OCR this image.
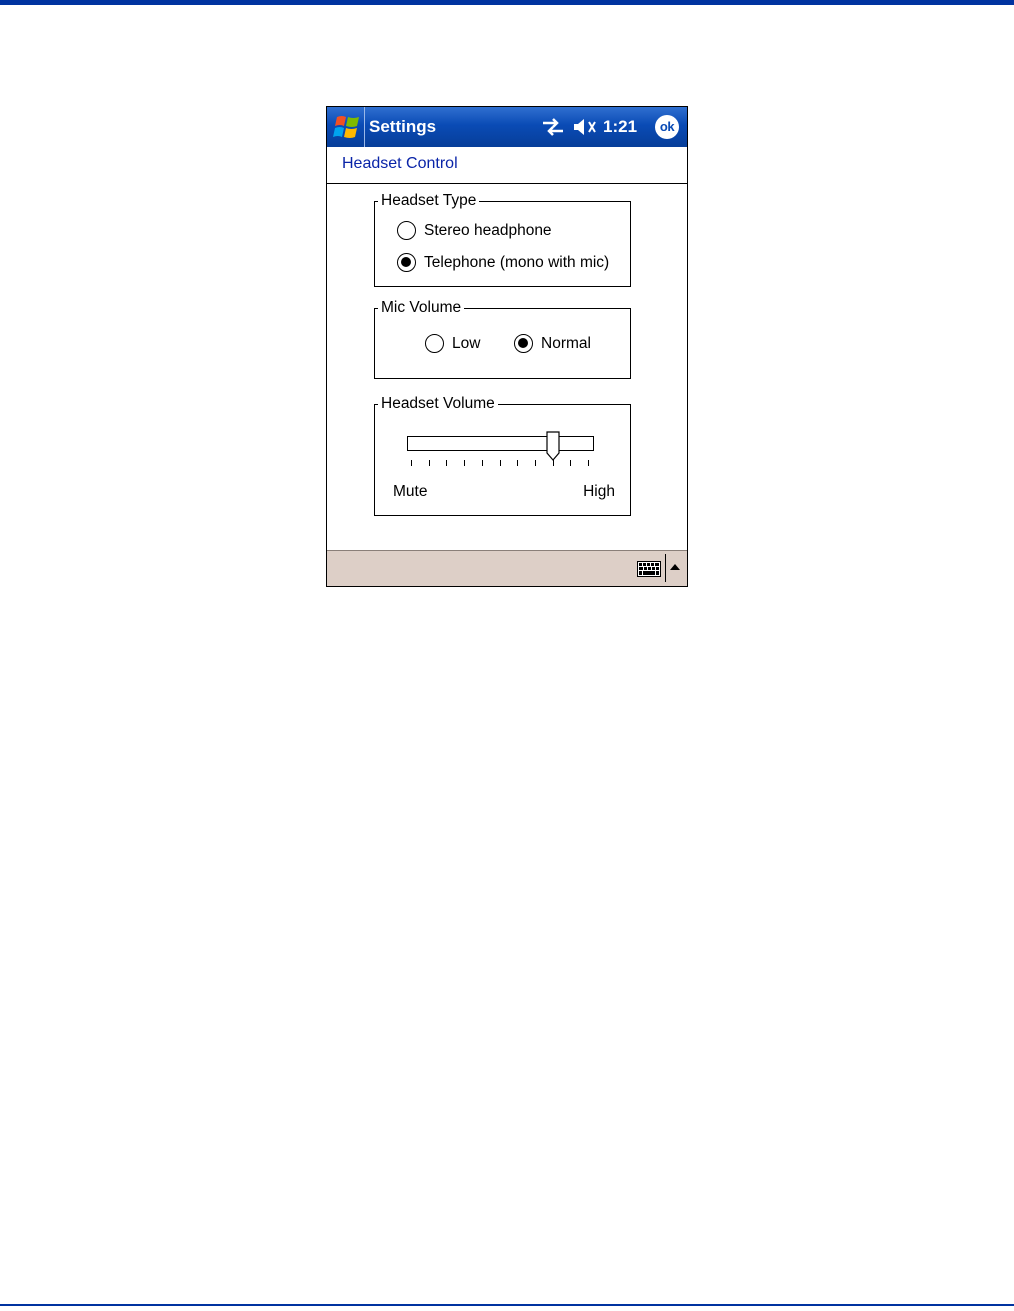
Settings	1:21	ok
Headset Control
Headset Type
Stereo headphone
Telephone (mono with mic)
Mic Volume
Low	Normal
Headset Volume
Mute	High
